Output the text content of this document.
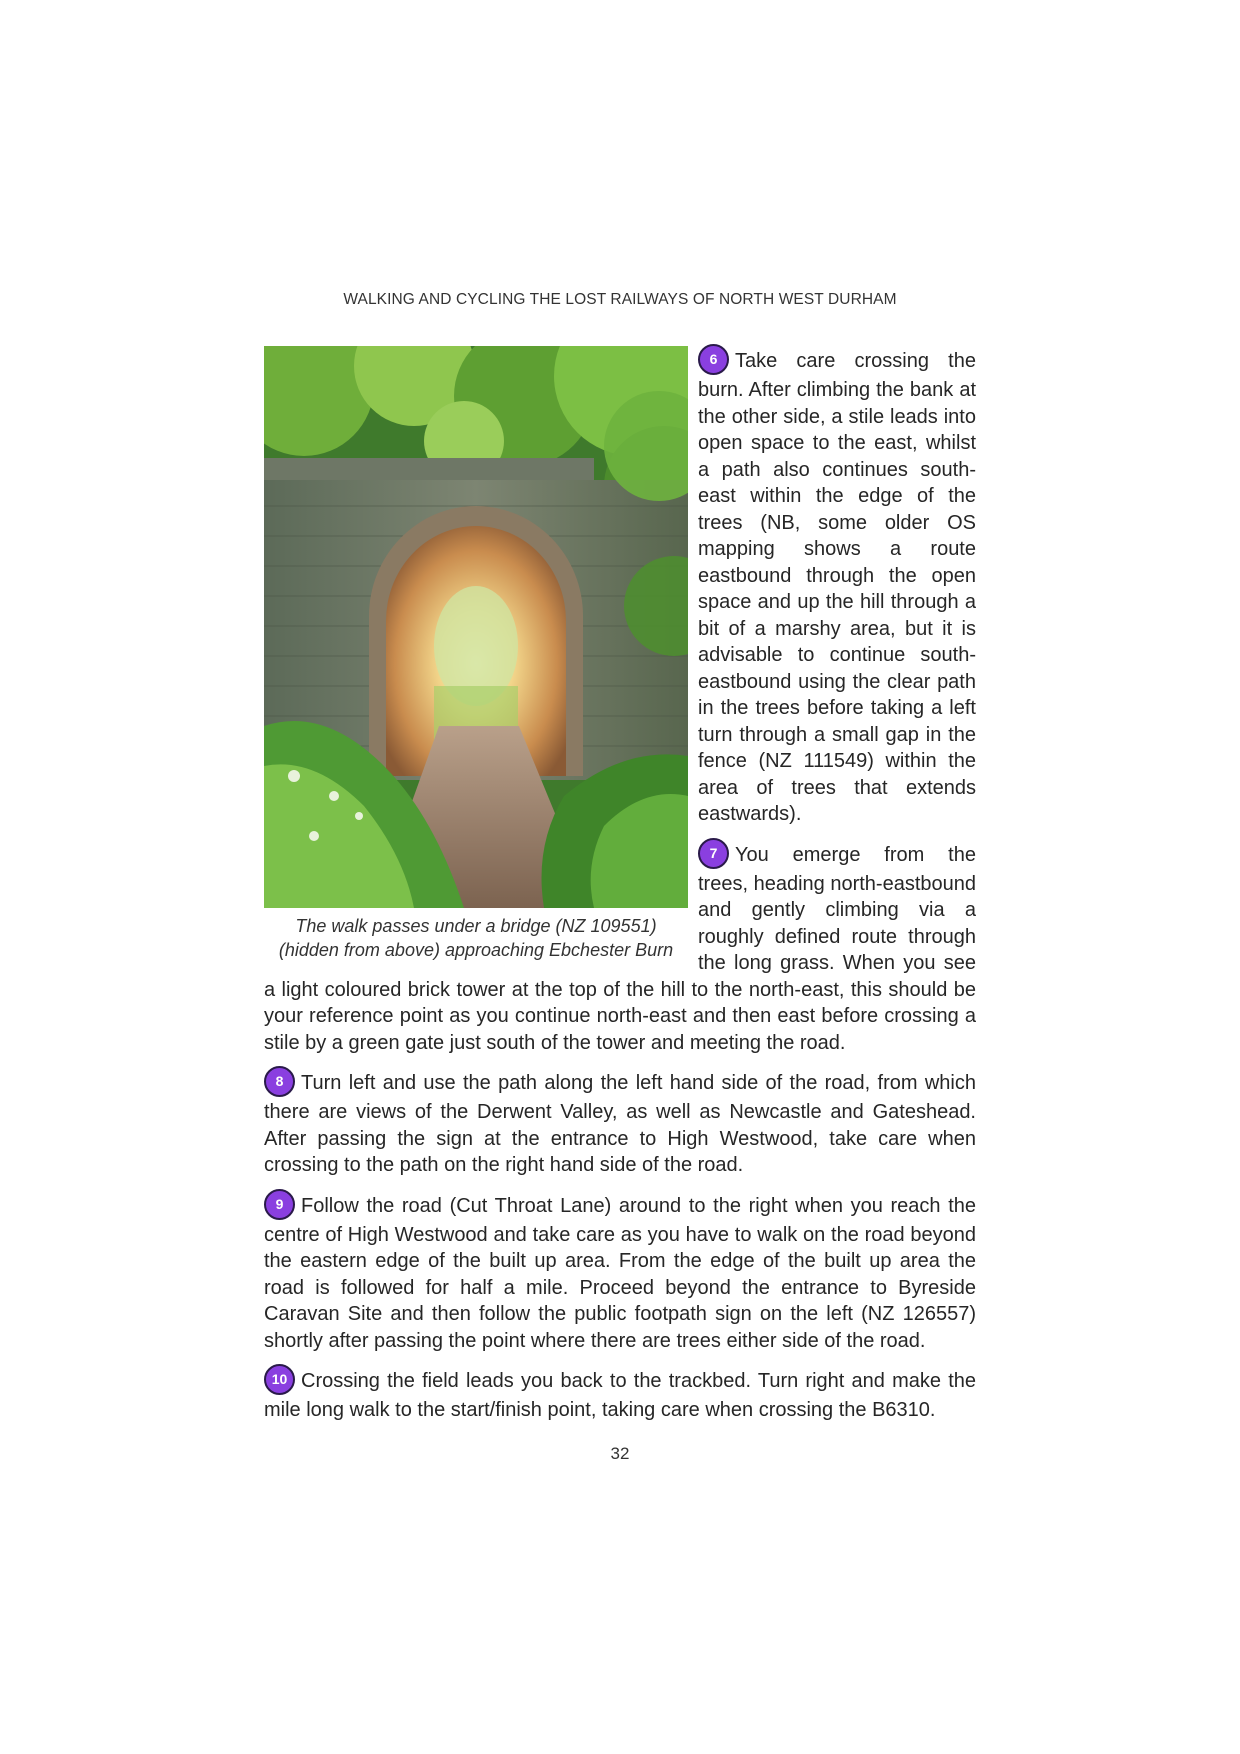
WALKING AND CYCLING THE LOST RAILWAYS OF NORTH WEST DURHAM
The walk passes under a bridge (NZ 109551)
(hidden from above) approaching Ebchester Burn

6 Take care crossing the burn. After climbing the bank at the other side, a stile leads into open space to the east, whilst a path also continues south-east within the edge of the trees (NB, some older OS mapping shows a route eastbound through the open space and up the hill through a bit of a marshy area, but it is advisable to continue south-eastbound using the clear path in the trees before taking a left turn through a small gap in the fence (NZ 111549) within the area of trees that extends eastwards).

7 You emerge from the trees, heading north-eastbound and gently climbing via a roughly defined route through the long grass. When you see a light coloured brick tower at the top of the hill to the north-east, this should be your reference point as you continue north-east and then east before crossing a stile by a green gate just south of the tower and meeting the road.

8 Turn left and use the path along the left hand side of the road, from which there are views of the Derwent Valley, as well as Newcastle and Gateshead. After passing the sign at the entrance to High Westwood, take care when crossing to the path on the right hand side of the road.

9 Follow the road (Cut Throat Lane) around to the right when you reach the centre of High Westwood and take care as you have to walk on the road beyond the eastern edge of the built up area. From the edge of the built up area the road is followed for half a mile. Proceed beyond the entrance to Byreside Caravan Site and then follow the public footpath sign on the left (NZ 126557) shortly after passing the point where there are trees either side of the road.

10 Crossing the field leads you back to the trackbed. Turn right and make the mile long walk to the start/finish point, taking care when crossing the B6310.

32
